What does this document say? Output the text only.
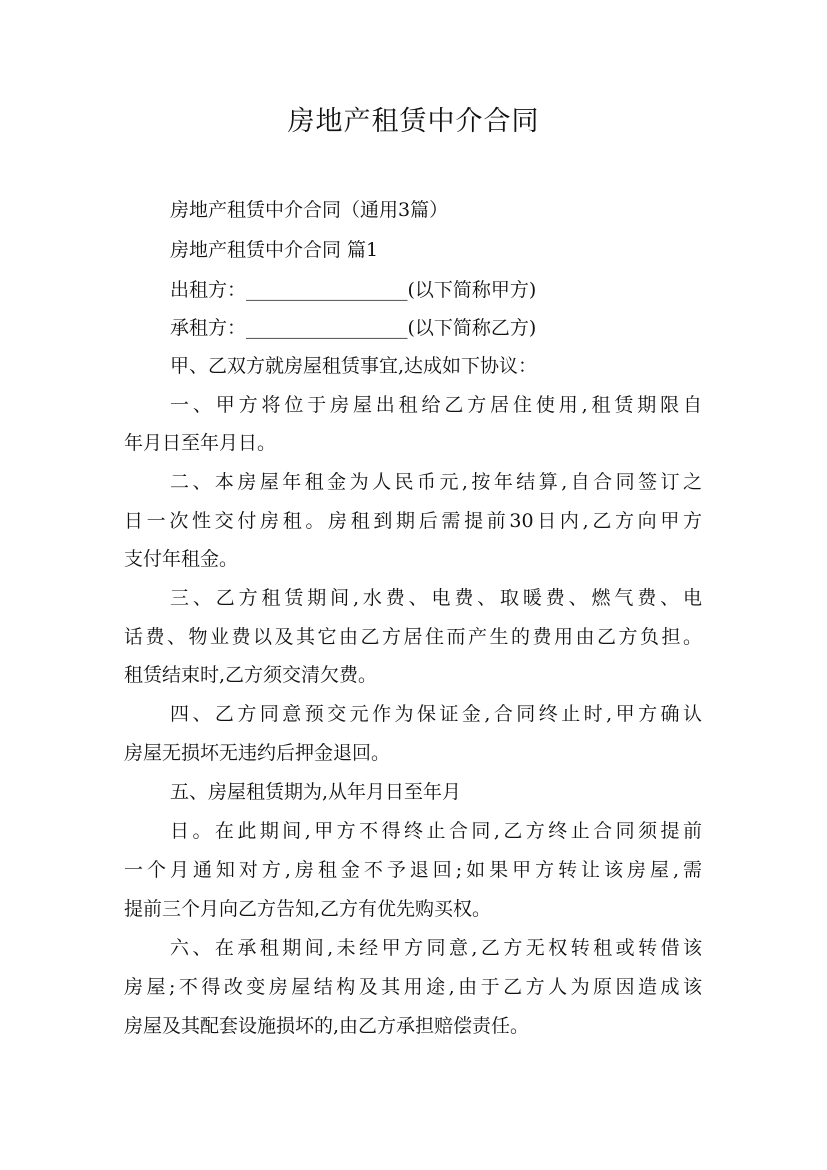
房地产租赁中介合同

房地产租赁中介合同（通用3篇）

房地产租赁中介合同 篇1

出租方：_________________(以下简称甲方)

承租方：_________________(以下简称乙方)

甲、乙双方就房屋租赁事宜,达成如下协议：

一、甲方将位于房屋出租给乙方居住使用,租赁期限自

年月日至年月日。

二、本房屋年租金为人民币元,按年结算,自合同签订之

日一次性交付房租。房租到期后需提前30日内,乙方向甲方

支付年租金。

三、乙方租赁期间,水费、电费、取暖费、燃气费、电

话费、物业费以及其它由乙方居住而产生的费用由乙方负担。

租赁结束时,乙方须交清欠费。

四、乙方同意预交元作为保证金,合同终止时,甲方确认

房屋无损坏无违约后押金退回。

五、房屋租赁期为,从年月日至年月

日。在此期间,甲方不得终止合同,乙方终止合同须提前

一个月通知对方,房租金不予退回;如果甲方转让该房屋,需

提前三个月向乙方告知,乙方有优先购买权。

六、在承租期间,未经甲方同意,乙方无权转租或转借该

房屋;不得改变房屋结构及其用途,由于乙方人为原因造成该

房屋及其配套设施损坏的,由乙方承担赔偿责任。
